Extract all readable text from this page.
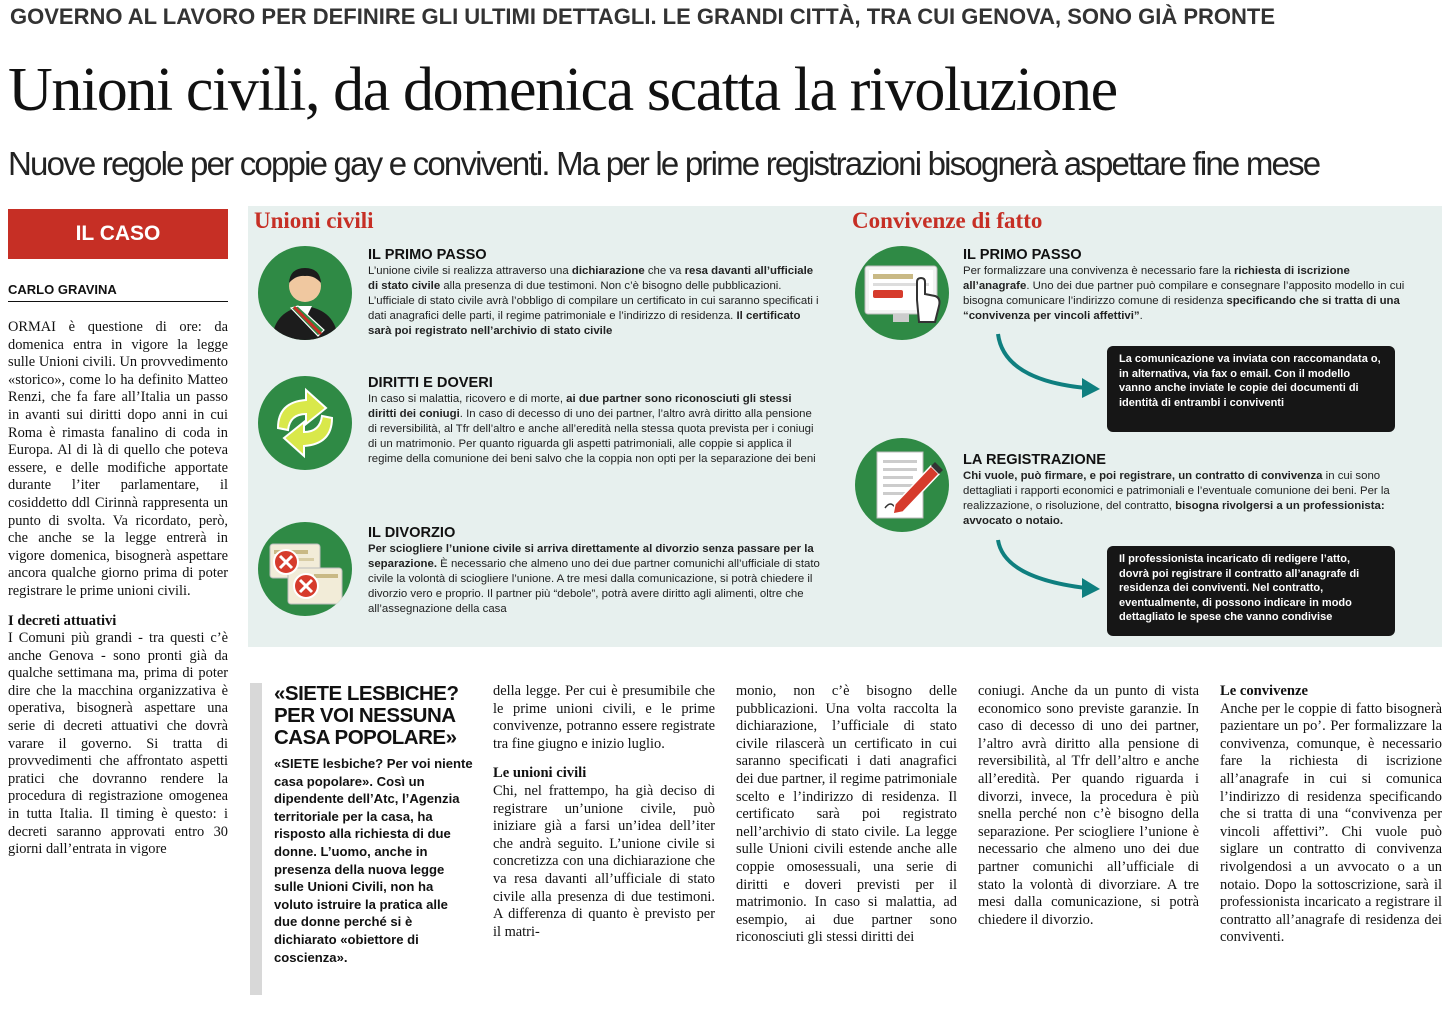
GOVERNO AL LAVORO PER DEFINIRE GLI ULTIMI DETTAGLI. LE GRANDI CITTÀ, TRA CUI GENOVA, SONO GIÀ PRONTE
Unioni civili, da domenica scatta la rivoluzione
Nuove regole per coppie gay e conviventi. Ma per le prime registrazioni bisognerà aspettare fine mese
IL CASO
CARLO GRAVINA
Unioni civili	Convivenze di fatto
IL PRIMO PASSO
L’unione civile si realizza attraverso una dichiarazione che va resa davanti all’ufficiale di stato civile alla presenza di due testimoni. Non c’è bisogno delle pubblicazioni. L’ufficiale di stato civile avrà l’obbligo di compilare un certificato in cui saranno specificati i dati anagrafici delle parti, il regime patrimoniale e l’indirizzo di residenza. Il certificato sarà poi registrato nell’archivio di stato civile
DIRITTI E DOVERI
In caso si malattia, ricovero e di morte, ai due partner sono riconosciuti gli stessi diritti dei coniugi. In caso di decesso di uno dei partner, l’altro avrà diritto alla pensione di reversibilità, al Tfr dell’altro e anche all’eredità nella stessa quota prevista per i coniugi di un matrimonio. Per quanto riguarda gli aspetti patrimoniali, alle coppie si applica il regime della comunione dei beni salvo che la coppia non opti per la separazione dei beni
IL DIVORZIO
Per sciogliere l’unione civile si arriva direttamente al divorzio senza passare per la separazione. È necessario che almeno uno dei due partner comunichi all’ufficiale di stato civile la volontà di sciogliere l’unione. A tre mesi dalla comunicazione, si potrà chiedere il divorzio vero e proprio. Il partner più “debole”, potrà avere diritto agli alimenti, oltre che all’assegnazione della casa
IL PRIMO PASSO
Per formalizzare una convivenza è necessario fare la richiesta di iscrizione all’anagrafe. Uno dei due partner può compilare e consegnare l’apposito modello in cui bisogna comunicare l’indirizzo comune di residenza specificando che si tratta di una “convivenza per vincoli affettivi”.
LA REGISTRAZIONE
Chi vuole, può firmare, e poi registrare, un contratto di convivenza in cui sono dettagliati i rapporti economici e patrimoniali e l’eventuale comunione dei beni. Per la realizzazione, o risoluzione, del contratto, bisogna rivolgersi a un professionista: avvocato o notaio.
La comunicazione va inviata con raccomandata o, in alternativa, via fax o email. Con il modello vanno anche inviate le copie dei documenti di identità di entrambi i conviventi
Il professionista incaricato di redigere l’atto, dovrà poi registrare il contratto all’anagrafe di residenza dei conviventi. Nel contratto, eventualmente, di possono indicare in modo dettagliato le spese che vanno condivise
«SIETE LESBICHE? PER VOI NESSUNA CASA POPOLARE»
«SIETE lesbiche? Per voi niente casa popolare». Così un dipendente dell’Atc, l’Agenzia territoriale per la casa, ha risposto alla richiesta di due donne. L’uomo, anche in presenza della nuova legge sulle Unioni Civili, non ha voluto istruire la pratica alle due donne perché si è dichiarato «obiettore di coscienza».

ORMAI è questione di ore: da domenica entra in vigore la legge sulle Unioni civili. Un provvedimento «storico», come lo ha definito Matteo Renzi, che fa fare all’Italia un passo in avanti sui diritti dopo anni in cui Roma è rimasta fanalino di coda in Europa. Al di là di quello che poteva essere, e delle modifiche apportate durante l’iter parlamentare, il cosiddetto ddl Cirinnà rappresenta un punto di svolta. Va ricordato, però, che anche se la legge entrerà in vigore domenica, bisognerà aspettare ancora qualche giorno prima di poter registrare le prime unioni civili.

I decreti attuativi

I Comuni più grandi - tra questi c’è anche Genova - sono pronti già da qualche settimana ma, prima di poter dire che la macchina organizzativa è operativa, bisognerà aspettare una serie di decreti attuativi che dovrà varare il governo. Si tratta di provvedimenti che affrontato aspetti pratici che dovranno rendere la procedura di registrazione omogenea in tutta Italia. Il timing è questo: i decreti saranno approvati entro 30 giorni dall’entrata in vigore

della legge. Per cui è presumibile che le prime unioni civili, e le prime convivenze, potranno essere registrate tra fine giugno e inizio luglio.

Le unioni civili

Chi, nel frattempo, ha già deciso di registrare un’unione civile, può iniziare già a farsi un’idea dell’iter che andrà seguito. L’unione civile si concretizza con una dichiarazione che va resa davanti all’ufficiale di stato civile alla presenza di due testimoni. A differenza di quanto è previsto per il matri-

monio, non c’è bisogno delle pubblicazioni. Una volta raccolta la dichiarazione, l’ufficiale di stato civile rilascerà un certificato in cui saranno specificati i dati anagrafici dei due partner, il regime patrimoniale scelto e l’indirizzo di residenza. Il certificato sarà poi registrato nell’archivio di stato civile. La legge sulle Unioni civili estende anche alle coppie omosessuali, una serie di diritti e doveri previsti per il matrimonio. In caso si malattia, ad esempio, ai due partner sono riconosciuti gli stessi diritti dei

coniugi. Anche da un punto di vista economico sono previste garanzie. In caso di decesso di uno dei partner, l’altro avrà diritto alla pensione di reversibilità, al Tfr dell’altro e anche all’eredità. Per quando riguarda i divorzi, invece, la procedura è più snella perché non c’è bisogno della separazione. Per sciogliere l’unione è necessario che almeno uno dei due partner comunichi all’ufficiale di stato la volontà di divorziare. A tre mesi dalla comunicazione, si potrà chiedere il divorzio.

Le convivenze

Anche per le coppie di fatto bisognerà pazientare un po’. Per formalizzare la convivenza, comunque, è necessario fare la richiesta di iscrizione all’anagrafe in cui si comunica l’indirizzo di residenza specificando che si tratta di una “convivenza per vincoli affettivi”. Chi vuole può siglare un contratto di convivenza rivolgendosi a un avvocato o a un notaio. Dopo la sottoscrizione, sarà il professionista incaricato a registrare il contratto all’anagrafe di residenza dei conviventi.
